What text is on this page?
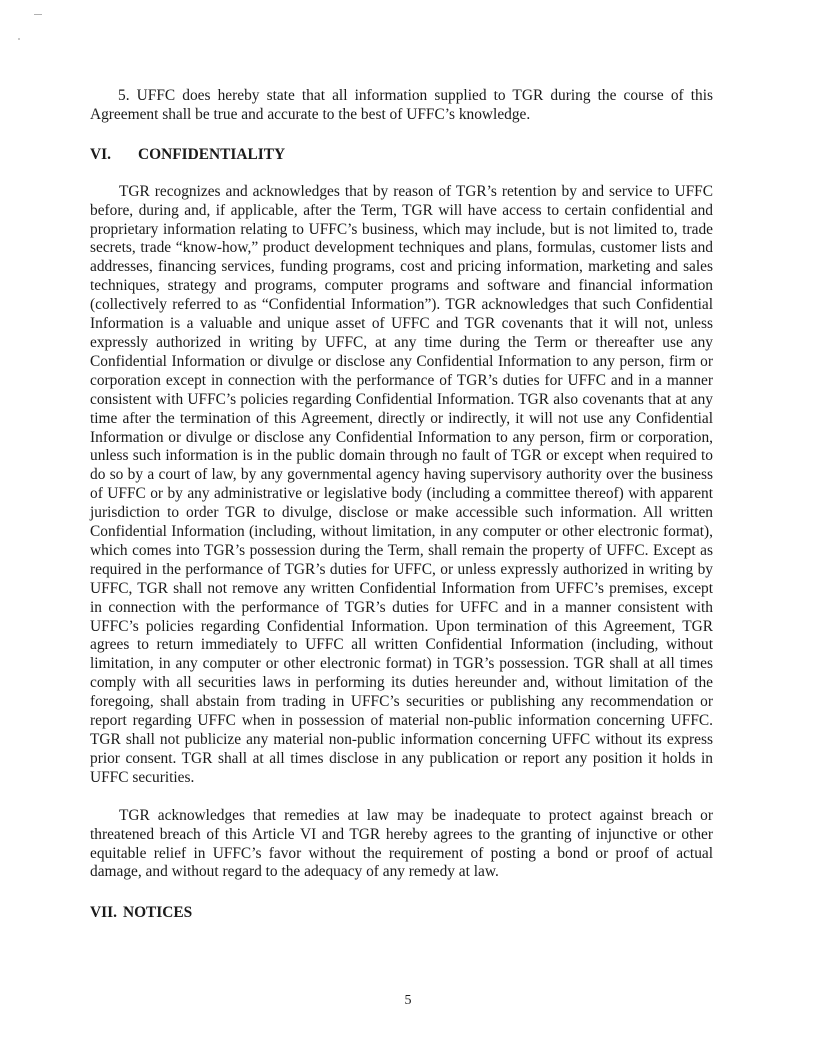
5. UFFC does hereby state that all information supplied to TGR during the course of this Agreement shall be true and accurate to the best of UFFC’s knowledge.

VI.	CONFIDENTIALITY

TGR recognizes and acknowledges that by reason of TGR’s retention by and service to UFFC before, during and, if applicable, after the Term, TGR will have access to certain confidential and proprietary information relating to UFFC’s business, which may include, but is not limited to, trade secrets, trade “know-how,” product development techniques and plans, formulas, customer lists and addresses, financing services, funding programs, cost and pricing information, marketing and sales techniques, strategy and programs, computer programs and software and financial information (collectively referred to as “Confidential Information”). TGR acknowledges that such Confidential Information is a valuable and unique asset of UFFC and TGR covenants that it will not, unless expressly authorized in writing by UFFC, at any time during the Term or thereafter use any Confidential Information or divulge or disclose any Confidential Information to any person, firm or corporation except in connection with the performance of TGR’s duties for UFFC and in a manner consistent with UFFC’s policies regarding Confidential Information. TGR also covenants that at any time after the termination of this Agreement, directly or indirectly, it will not use any Confidential Information or divulge or disclose any Confidential Information to any person, firm or corporation, unless such information is in the public domain through no fault of TGR or except when required to do so by a court of law, by any governmental agency having supervisory authority over the business of UFFC or by any administrative or legislative body (including a committee thereof) with apparent jurisdiction to order TGR to divulge, disclose or make accessible such information. All written Confidential Information (including, without limitation, in any computer or other electronic format), which comes into TGR’s possession during the Term, shall remain the property of UFFC. Except as required in the performance of TGR’s duties for UFFC, or unless expressly authorized in writing by UFFC, TGR shall not remove any written Confidential Information from UFFC’s premises, except in connection with the performance of TGR’s duties for UFFC and in a manner consistent with UFFC’s policies regarding Confidential Information. Upon termination of this Agreement, TGR agrees to return immediately to UFFC all written Confidential Information (including, without limitation, in any computer or other electronic format) in TGR’s possession. TGR shall at all times comply with all securities laws in performing its duties hereunder and, without limitation of the foregoing, shall abstain from trading in UFFC’s securities or publishing any recommendation or report regarding UFFC when in possession of material non-public information concerning UFFC. TGR shall not publicize any material non-public information concerning UFFC without its express prior consent. TGR shall at all times disclose in any publication or report any position it holds in UFFC securities.

TGR acknowledges that remedies at law may be inadequate to protect against breach or threatened breach of this Article VI and TGR hereby agrees to the granting of injunctive or other equitable relief in UFFC’s favor without the requirement of posting a bond or proof of actual damage, and without regard to the adequacy of any remedy at law.

VII. NOTICES
5
